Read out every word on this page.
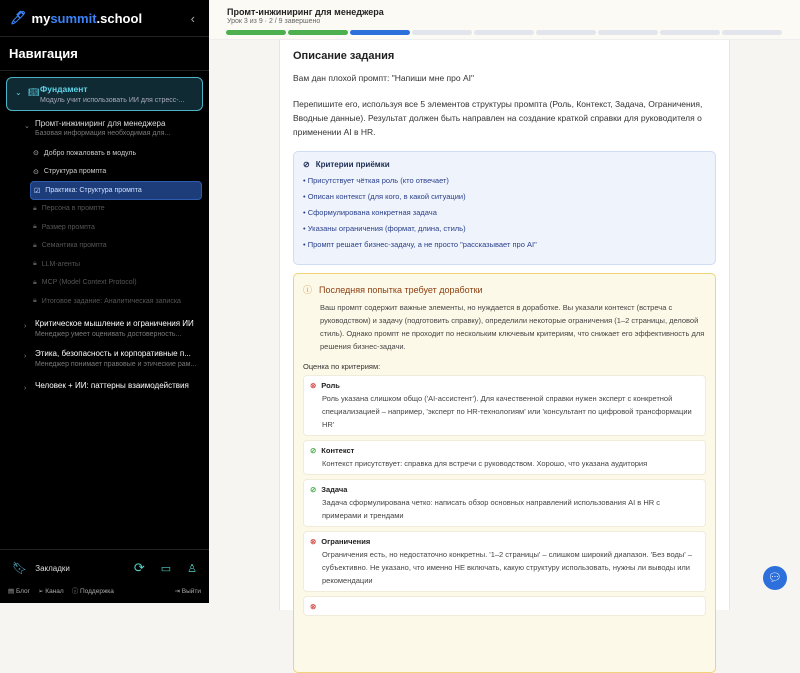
🖊 mysummit.school	‹
Навигация
⌄ 📖︎ Фундамент
Модуль учит использовать ИИ для стресс-...
⌄ Промт-инжиниринг для менеджера
Базовая информация необходимая для...
⊙ Добро пожаловать в модуль
⊙ Структура промпта
☑ Практика: Структура промпта
🔒︎ Персона в промпте
🔒︎ Размер промпта
🔒︎ Семантика промпта
🔒︎ LLM-агенты
🔒︎ MCP (Model Context Protocol)
🔒︎ Итоговое задание: Аналитическая записка
› Критическое мышление и ограничения ИИ
Менеджер умеет оценивать достоверность...
› Этика, безопасность и корпоративные п...
Менеджер понимает правовые и этические рам...
› Человек + ИИ: паттерны взаимодействия
🔖︎ Закладки	⟳ ▭ ♙
▤ Блог ➢ Канал ⓘ Поддержка	⇥ Выйти
Промт-инжиниринг для менеджера
Урок 3 из 9 · 2 / 9 завершено
Описание задания
Вам дан плохой промпт: "Напиши мне про AI"
Перепишите его, используя все 5 элементов структуры промпта (Роль, Контекст, Задача, Ограничения, Вводные данные). Результат должен быть направлен на создание краткой справки для руководителя о применении AI в HR.
⊘ Критерии приёмки
• Присутствует чёткая роль (кто отвечает)
• Описан контекст (для кого, в какой ситуации)
• Сформулирована конкретная задача
• Указаны ограничения (формат, длина, стиль)
• Промпт решает бизнес-задачу, а не просто "рассказывает про AI"
ⓘ Последняя попытка требует доработки
Ваш промпт содержит важные элементы, но нуждается в доработке. Вы указали контекст (встреча с руководством) и задачу (подготовить справку), определили некоторые ограничения (1–2 страницы, деловой стиль). Однако промпт не проходит по нескольким ключевым критериям, что снижает его эффективность для решения бизнес-задачи.
Оценка по критериям:
⊗ Роль
Роль указана слишком общо ('AI-ассистент'). Для качественной справки нужен эксперт с конкретной специализацией – например, 'эксперт по HR-технологиям' или 'консультант по цифровой трансформации HR'
⊘ Контекст
Контекст присутствует: справка для встречи с руководством. Хорошо, что указана аудитория
⊘ Задача
Задача сформулирована четко: написать обзор основных направлений использования AI в HR с примерами и трендами
⊗ Ограничения
Ограничения есть, но недостаточно конкретны. '1–2 страницы' – слишком широкий диапазон. 'Без воды' – субъективно. Не указано, что именно НЕ включать, какую структуру использовать, нужны ли выводы или рекомендации
⊗
💬︎
